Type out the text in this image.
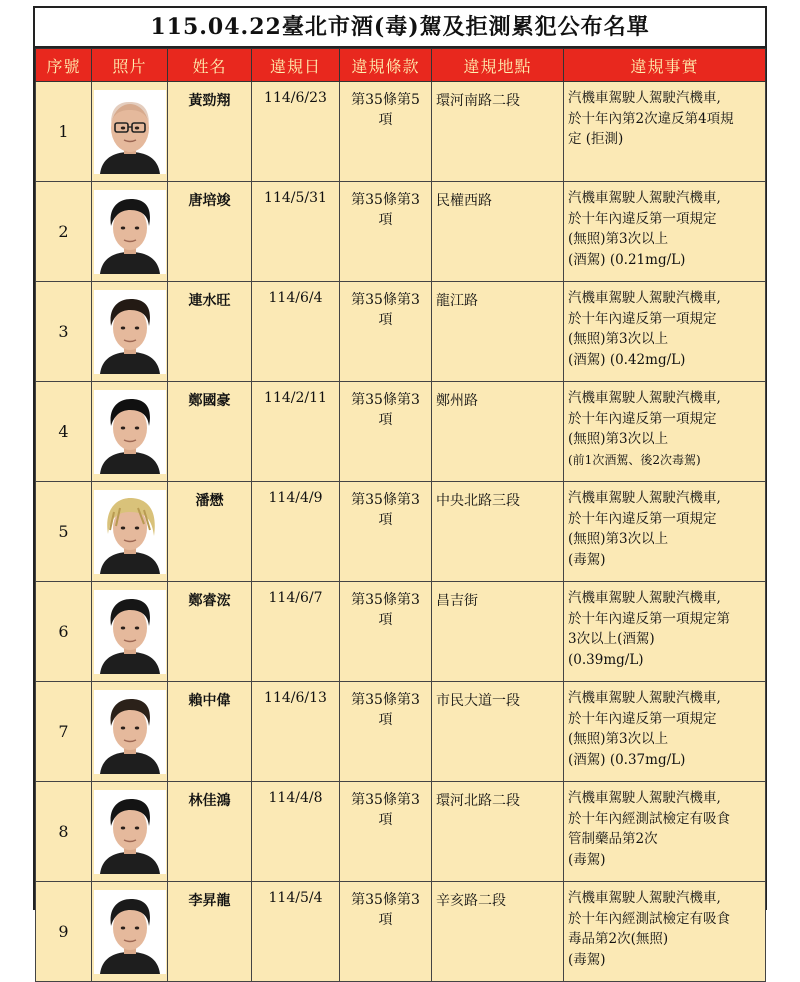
115.04.22臺北市酒(毒)駕及拒測累犯公布名單
序號	照片	姓名	違規日	違規條款	違規地點	違規事實
1		黃勁翔	114/6/23	第35條第5
項	環河南路二段	汽機車駕駛人駕駛汽機車,
於十年內第2次違反第4項規
定 (拒測)

2		唐培竣	114/5/31	第35條第3
項	民權西路	汽機車駕駛人駕駛汽機車,
於十年內違反第一項規定
(無照)第3次以上
(酒駕) (0.21mg/L)

3		連水旺	114/6/4	第35條第3
項	龍江路	汽機車駕駛人駕駛汽機車,
於十年內違反第一項規定
(無照)第3次以上
(酒駕) (0.42mg/L)

4		鄭國豪	114/2/11	第35條第3
項	鄭州路	汽機車駕駛人駕駛汽機車,
於十年內違反第一項規定
(無照)第3次以上
(前1次酒駕、後2次毒駕)

5		潘懋	114/4/9	第35條第3
項	中央北路三段	汽機車駕駛人駕駛汽機車,
於十年內違反第一項規定
(無照)第3次以上
(毒駕)

6		鄭睿浤	114/6/7	第35條第3
項	昌吉街	汽機車駕駛人駕駛汽機車,
於十年內違反第一項規定第
3次以上(酒駕)
(0.39mg/L)

7		賴中偉	114/6/13	第35條第3
項	市民大道一段	汽機車駕駛人駕駛汽機車,
於十年內違反第一項規定
(無照)第3次以上
(酒駕) (0.37mg/L)

8		林佳鴻	114/4/8	第35條第3
項	環河北路二段	汽機車駕駛人駕駛汽機車,
於十年內經測試檢定有吸食
管制藥品第2次
(毒駕)

9		李昇龍	114/5/4	第35條第3
項	辛亥路二段	汽機車駕駛人駕駛汽機車,
於十年內經測試檢定有吸食
毒品第2次(無照)
(毒駕)
